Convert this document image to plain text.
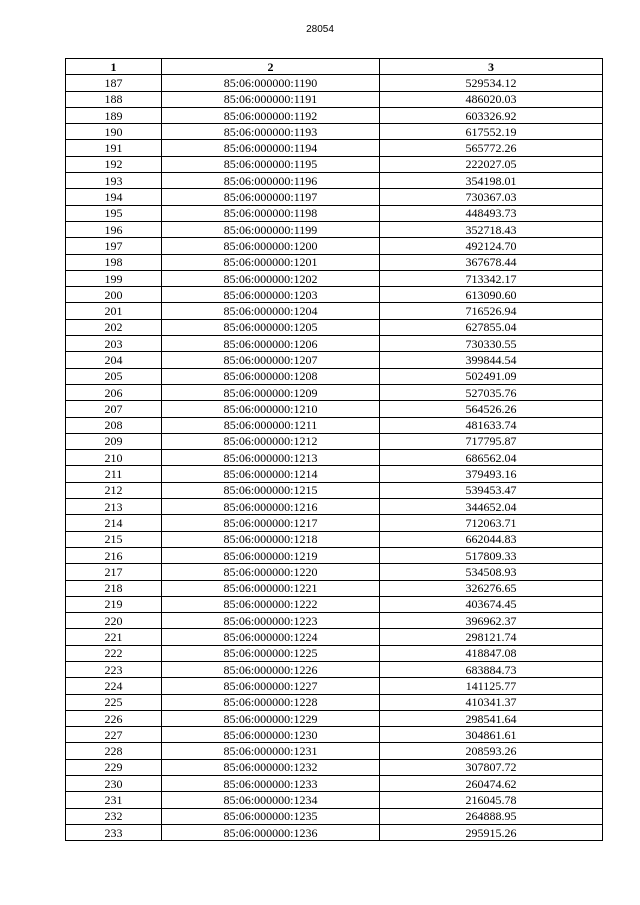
28054
1	2	3
187	85:06:000000:1190	529534.12
188	85:06:000000:1191	486020.03
189	85:06:000000:1192	603326.92
190	85:06:000000:1193	617552.19
191	85:06:000000:1194	565772.26
192	85:06:000000:1195	222027.05
193	85:06:000000:1196	354198.01
194	85:06:000000:1197	730367.03
195	85:06:000000:1198	448493.73
196	85:06:000000:1199	352718.43
197	85:06:000000:1200	492124.70
198	85:06:000000:1201	367678.44
199	85:06:000000:1202	713342.17
200	85:06:000000:1203	613090.60
201	85:06:000000:1204	716526.94
202	85:06:000000:1205	627855.04
203	85:06:000000:1206	730330.55
204	85:06:000000:1207	399844.54
205	85:06:000000:1208	502491.09
206	85:06:000000:1209	527035.76
207	85:06:000000:1210	564526.26
208	85:06:000000:1211	481633.74
209	85:06:000000:1212	717795.87
210	85:06:000000:1213	686562.04
211	85:06:000000:1214	379493.16
212	85:06:000000:1215	539453.47
213	85:06:000000:1216	344652.04
214	85:06:000000:1217	712063.71
215	85:06:000000:1218	662044.83
216	85:06:000000:1219	517809.33
217	85:06:000000:1220	534508.93
218	85:06:000000:1221	326276.65
219	85:06:000000:1222	403674.45
220	85:06:000000:1223	396962.37
221	85:06:000000:1224	298121.74
222	85:06:000000:1225	418847.08
223	85:06:000000:1226	683884.73
224	85:06:000000:1227	141125.77
225	85:06:000000:1228	410341.37
226	85:06:000000:1229	298541.64
227	85:06:000000:1230	304861.61
228	85:06:000000:1231	208593.26
229	85:06:000000:1232	307807.72
230	85:06:000000:1233	260474.62
231	85:06:000000:1234	216045.78
232	85:06:000000:1235	264888.95
233	85:06:000000:1236	295915.26
